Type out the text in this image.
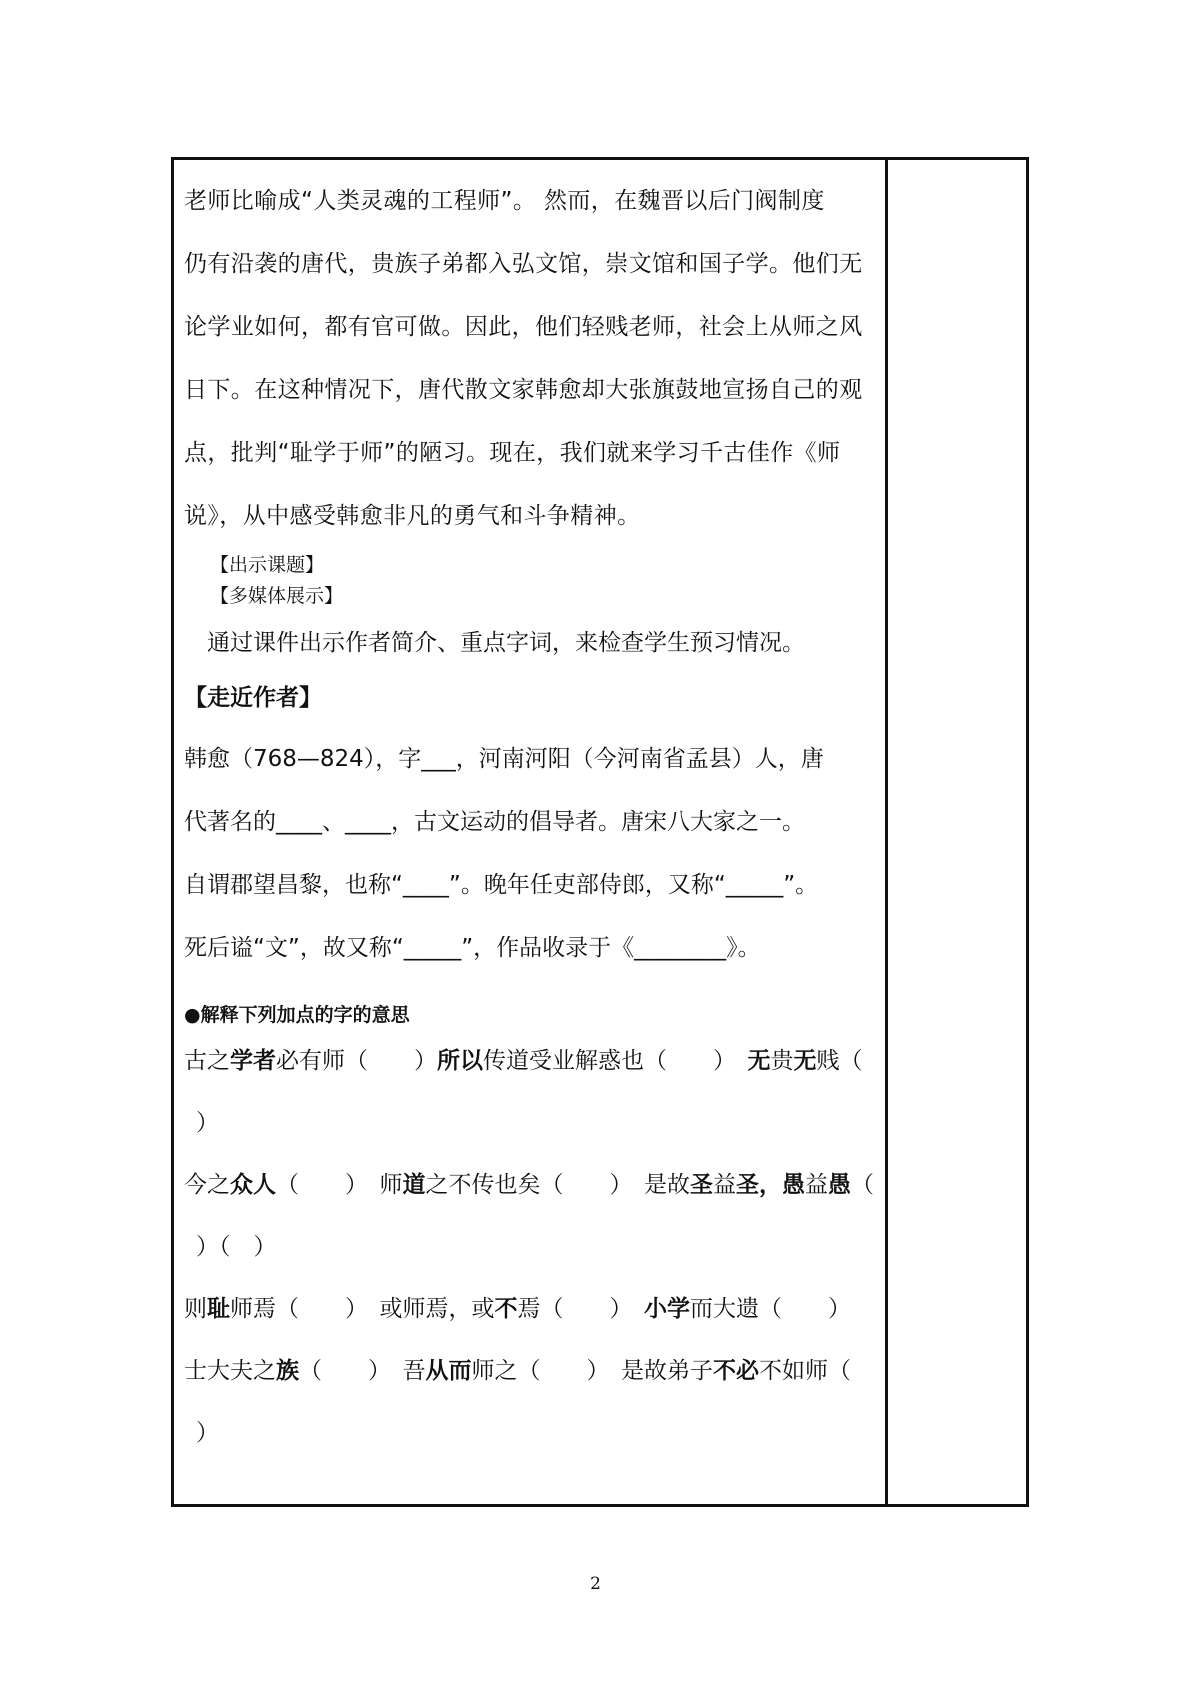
老师比喻成“人类灵魂的工程师”。 然而，在魏晋以后门阀制度
仍有沿袭的唐代，贵族子弟都入弘文馆，崇文馆和国子学。他们无
论学业如何，都有官可做。因此，他们轻贱老师，社会上从师之风
日下。在这种情况下，唐代散文家韩愈却大张旗鼓地宣扬自己的观
点，批判“耻学于师”的陋习。现在，我们就来学习千古佳作《师
说》，从中感受韩愈非凡的勇气和斗争精神。
【出示课题】
【多媒体展示】
通过课件出示作者简介、重点字词，来检查学生预习情况。
【走近作者】
韩愈（768—824），字___，河南河阳（今河南省孟县）人，唐
代著名的____、____，古文运动的倡导者。唐宋八大家之一。
自谓郡望昌黎，也称“____”。晚年任吏部侍郎，又称“_____”。
死后谥“文”，故又称“_____”，作品收录于《________》。
●解释下列加点的字的意思
古之学者必有师（　　）所以传道受业解惑也（　　）　无贵无贱（
）
今之众人（　　）　师道之不传也矣（　　）　是故圣益圣，愚益愚（
）（　）
则耻师焉（　　）　或师焉，或不焉（　　）　小学而大遗（　　）
士大夫之族（　　）　吾从而师之（　　）　是故弟子不必不如师（
）
2
